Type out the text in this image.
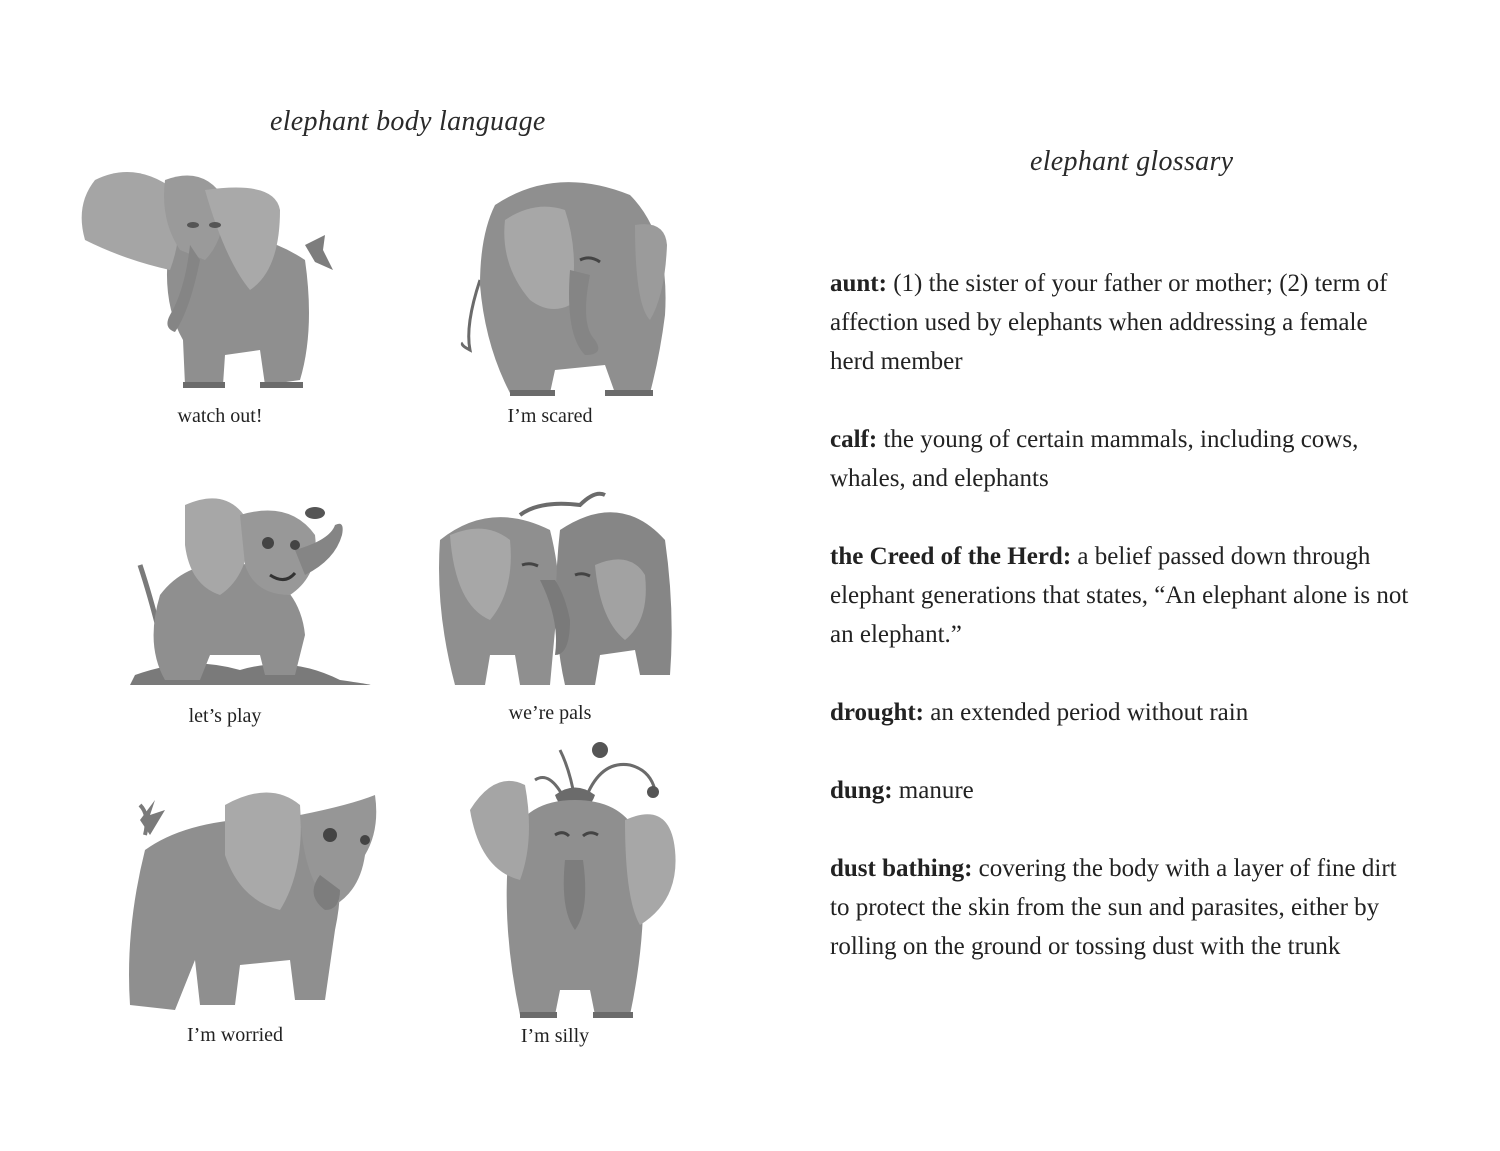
elephant body language
elephant glossary
watch out!	I’m scared
let’s play	we’re pals
I’m worried	I’m silly

aunt: (1) the sister of your father or mother; (2) term of affection used by elephants when addressing a female herd member

calf: the young of certain mammals, including cows, whales, and elephants

the Creed of the Herd: a belief passed down through elephant generations that states, “An elephant alone is not an elephant.”

drought: an extended period without rain

dung: manure

dust bathing: covering the body with a layer of fine dirt to protect the skin from the sun and parasites, either by rolling on the ground or tossing dust with the trunk
